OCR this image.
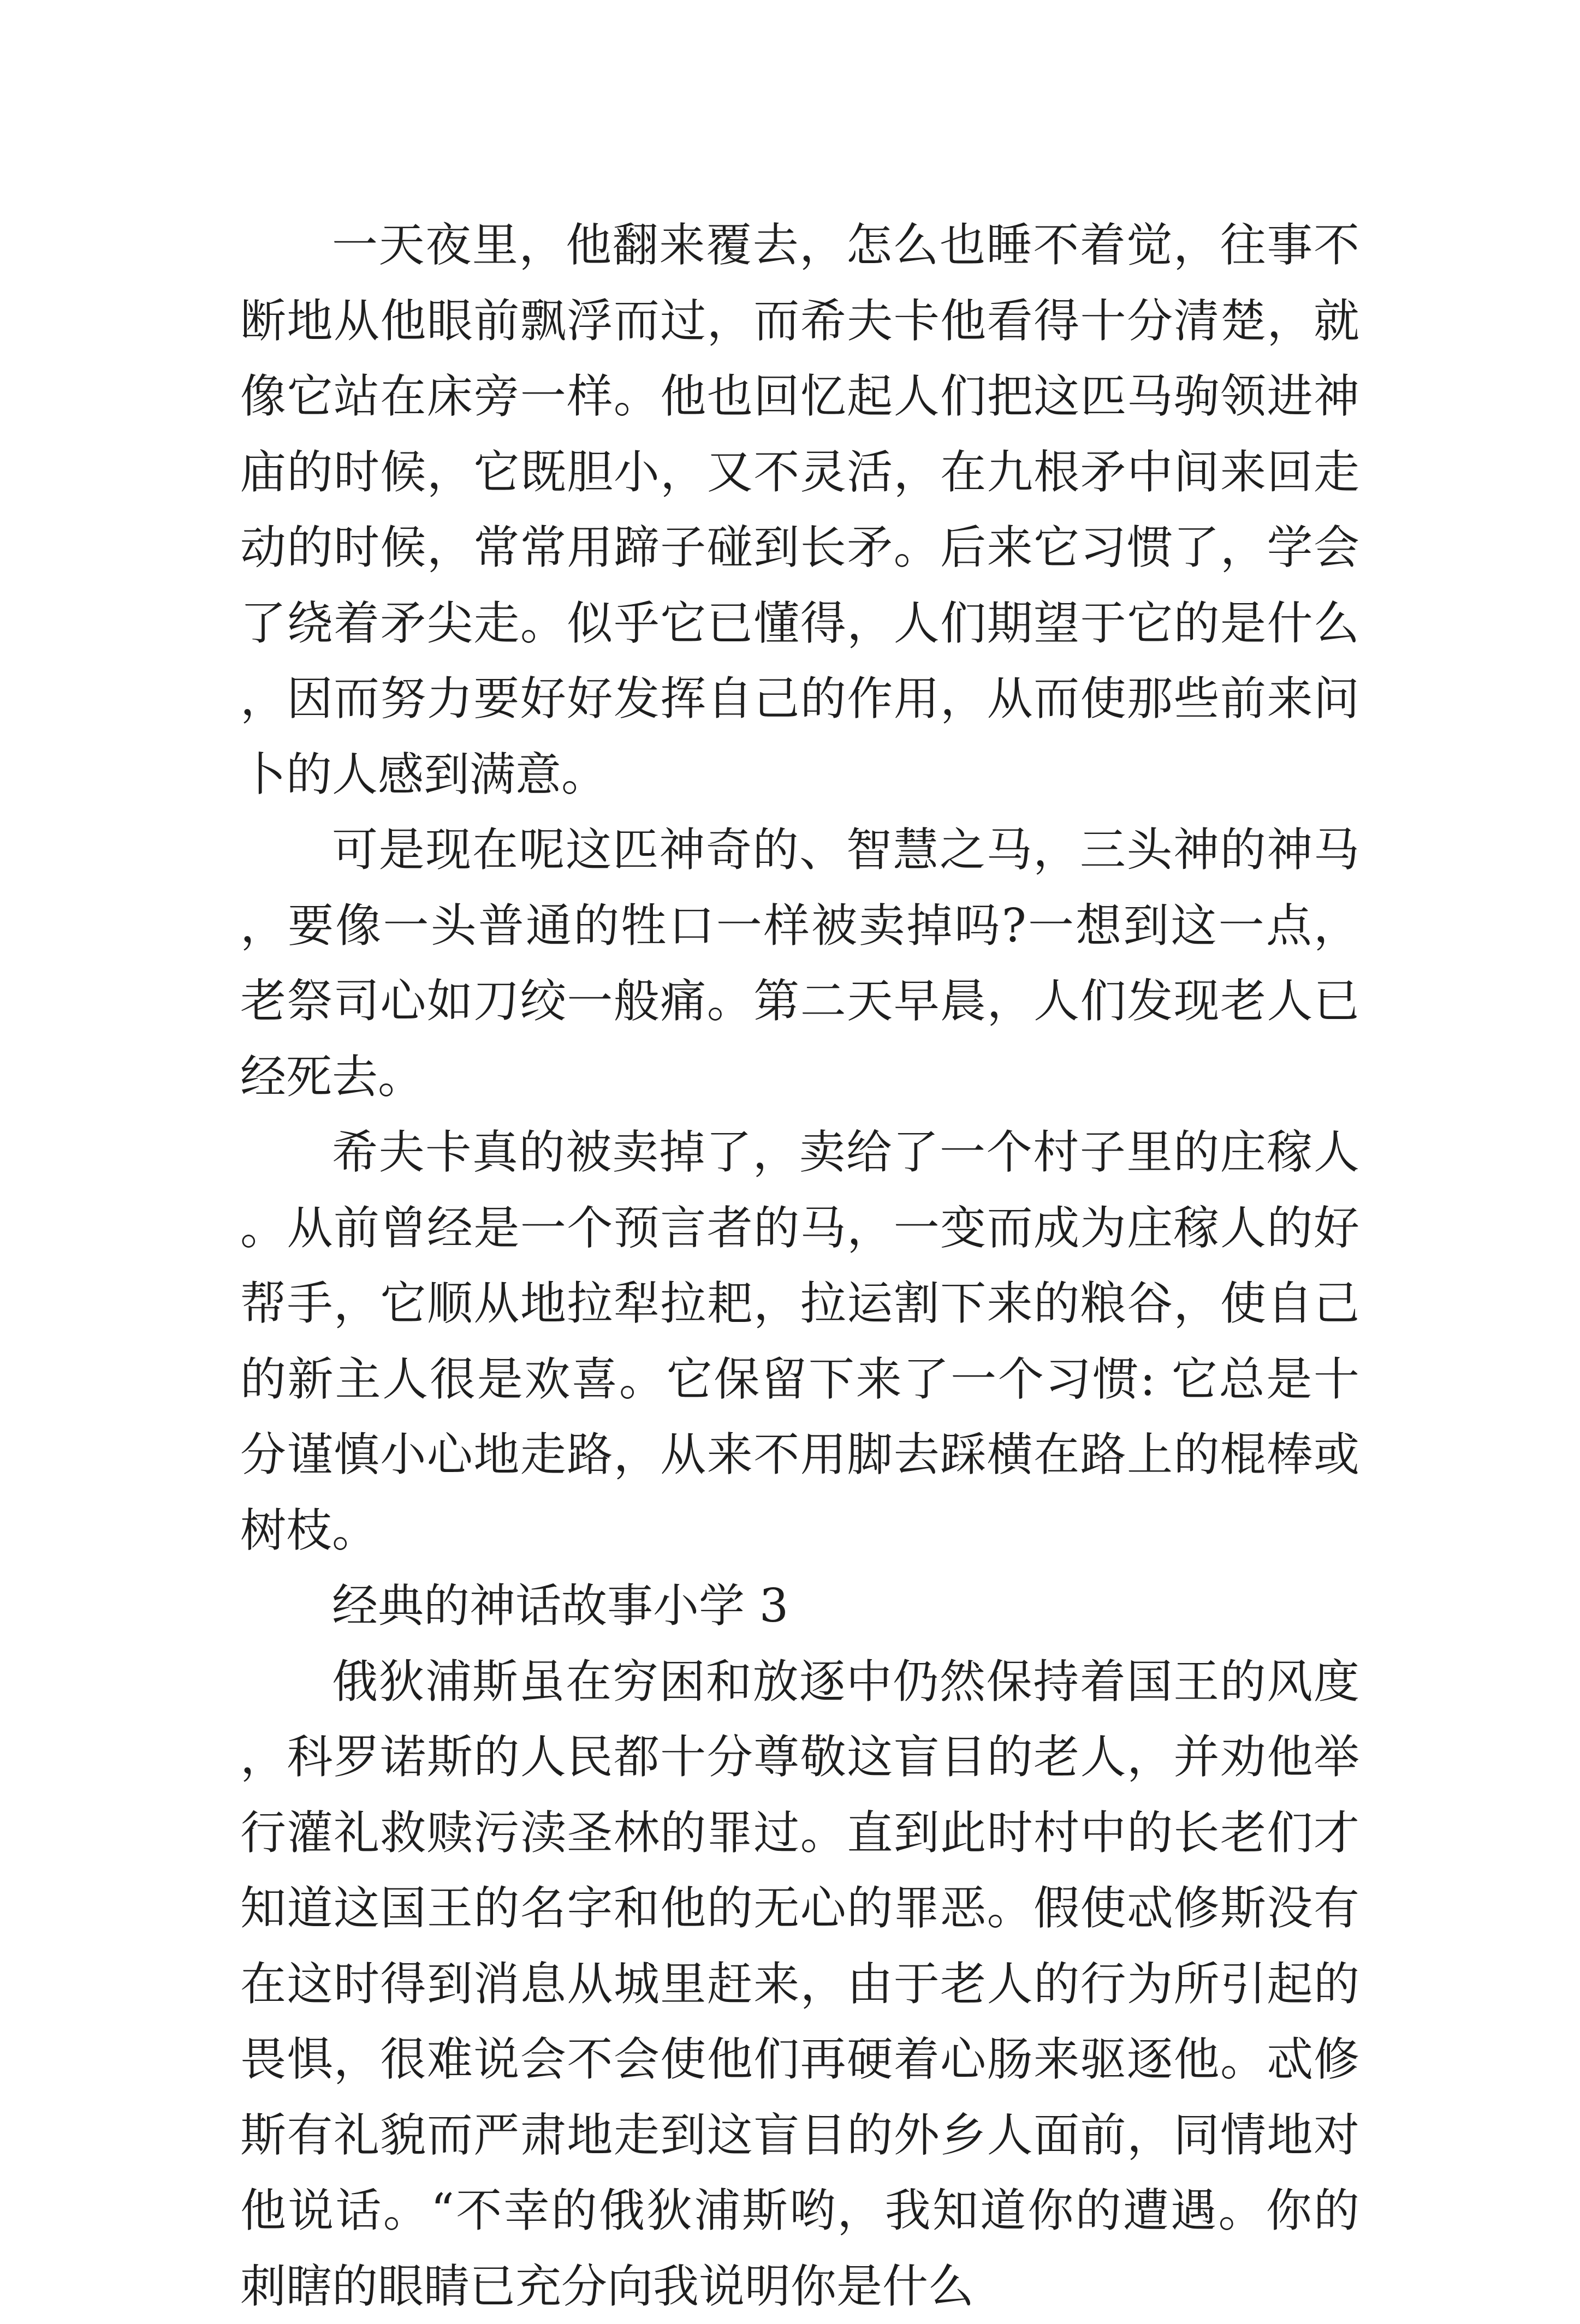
一天夜里，他翻来覆去，怎么也睡不着觉，往事不断地从他眼前飘浮而过，而希夫卡他看得十分清楚，就像它站在床旁一样。他也回忆起人们把这匹马驹领进神庙的时候，它既胆小，又不灵活，在九根矛中间来回走动的时候，常常用蹄子碰到长矛。后来它习惯了，学会了绕着矛尖走。似乎它已懂得，人们期望于它的是什么，因而努力要好好发挥自己的作用，从而使那些前来问卜的人感到满意。

可是现在呢这匹神奇的、智慧之马，三头神的神马，要像一头普通的牲口一样被卖掉吗?一想到这一点，老祭司心如刀绞一般痛。第二天早晨，人们发现老人已经死去。

希夫卡真的被卖掉了，卖给了一个村子里的庄稼人。从前曾经是一个预言者的马，一变而成为庄稼人的好帮手，它顺从地拉犁拉耙，拉运割下来的粮谷，使自己的新主人很是欢喜。它保留下来了一个习惯: 它总是十分谨慎小心地走路，从来不用脚去踩横在路上的棍棒或树枝。

经典的神话故事小学 3

俄狄浦斯虽在穷困和放逐中仍然保持着国王的风度，科罗诺斯的人民都十分尊敬这盲目的老人，并劝他举行灌礼救赎污渎圣林的罪过。直到此时村中的长老们才知道这国王的名字和他的无心的罪恶。假使忒修斯没有在这时得到消息从城里赶来，由于老人的行为所引起的畏惧，很难说会不会使他们再硬着心肠来驱逐他。忒修斯有礼貌而严肃地走到这盲目的外乡人面前，同情地对他说话。“不幸的俄狄浦斯哟，我知道你的遭遇。你的刺瞎的眼睛已充分向我说明你是什么
